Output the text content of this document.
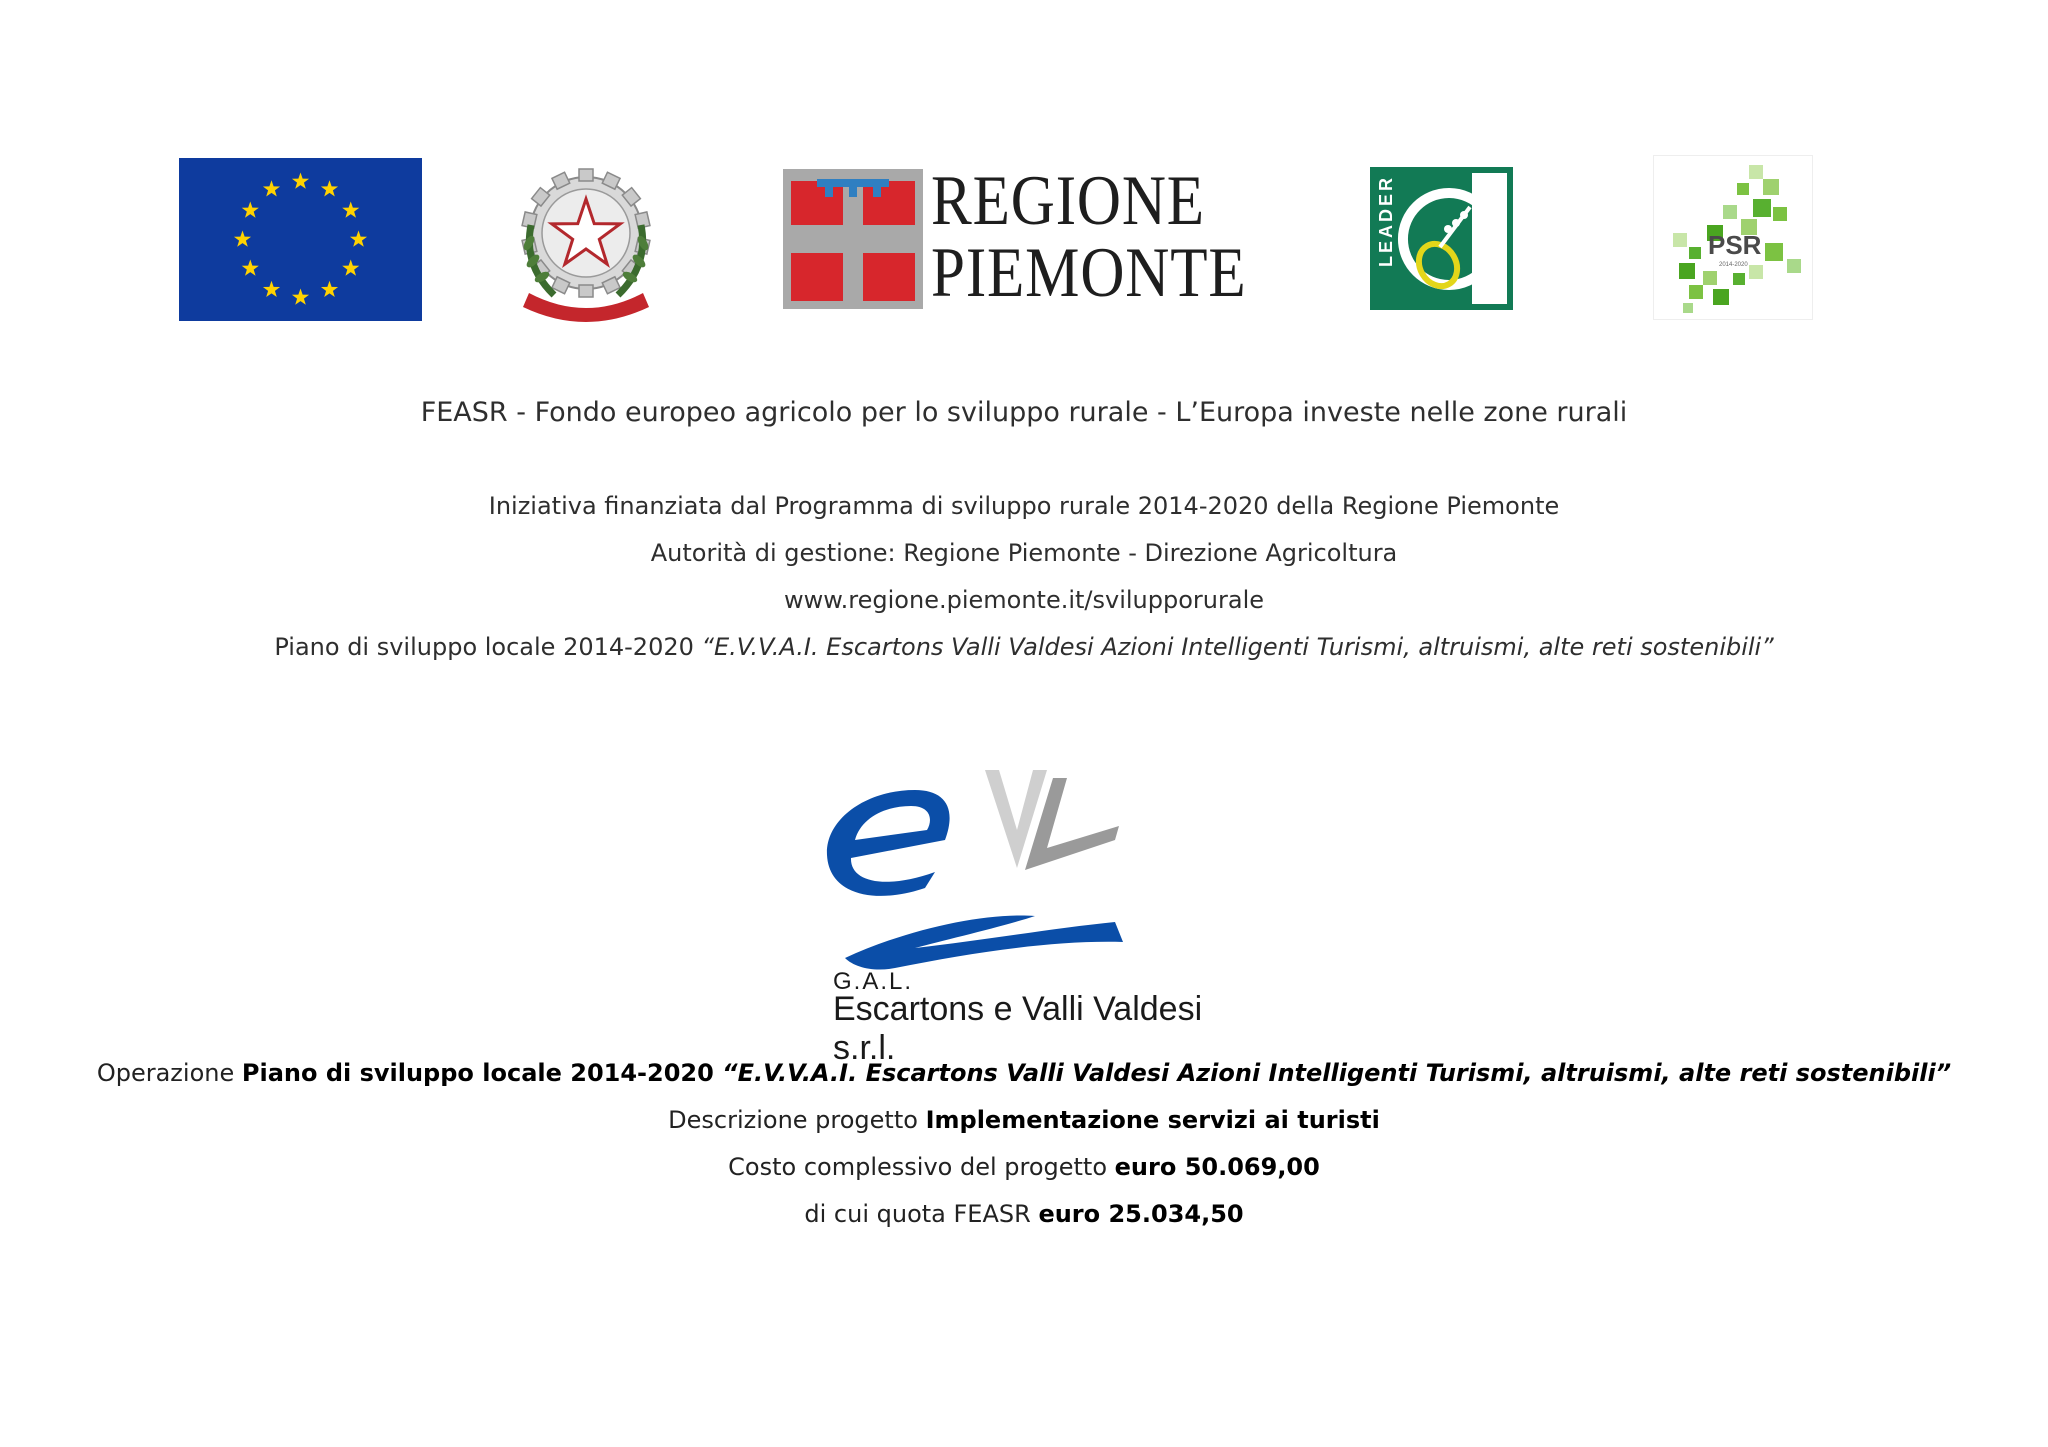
REGIONE
PIEMONTE
LEADER	PSR
2014-2020
FEASR - Fondo europeo agricolo per lo sviluppo rurale - L’Europa investe nelle zone rurali
Iniziativa finanziata dal Programma di sviluppo rurale 2014-2020 della Regione Piemonte
Autorità di gestione: Regione Piemonte - Direzione Agricoltura
www.regione.piemonte.it/svilupporurale
Piano di sviluppo locale 2014-2020 “E.V.V.A.I. Escartons Valli Valdesi Azioni Intelligenti Turismi, altruismi, alte reti sostenibili”
G.A.L.
Escartons e Valli Valdesi s.r.l.
Operazione Piano di sviluppo locale 2014-2020 “E.V.V.A.I. Escartons Valli Valdesi Azioni Intelligenti Turismi, altruismi, alte reti sostenibili”
Descrizione progetto Implementazione servizi ai turisti
Costo complessivo del progetto euro 50.069,00
di cui quota FEASR euro 25.034,50
